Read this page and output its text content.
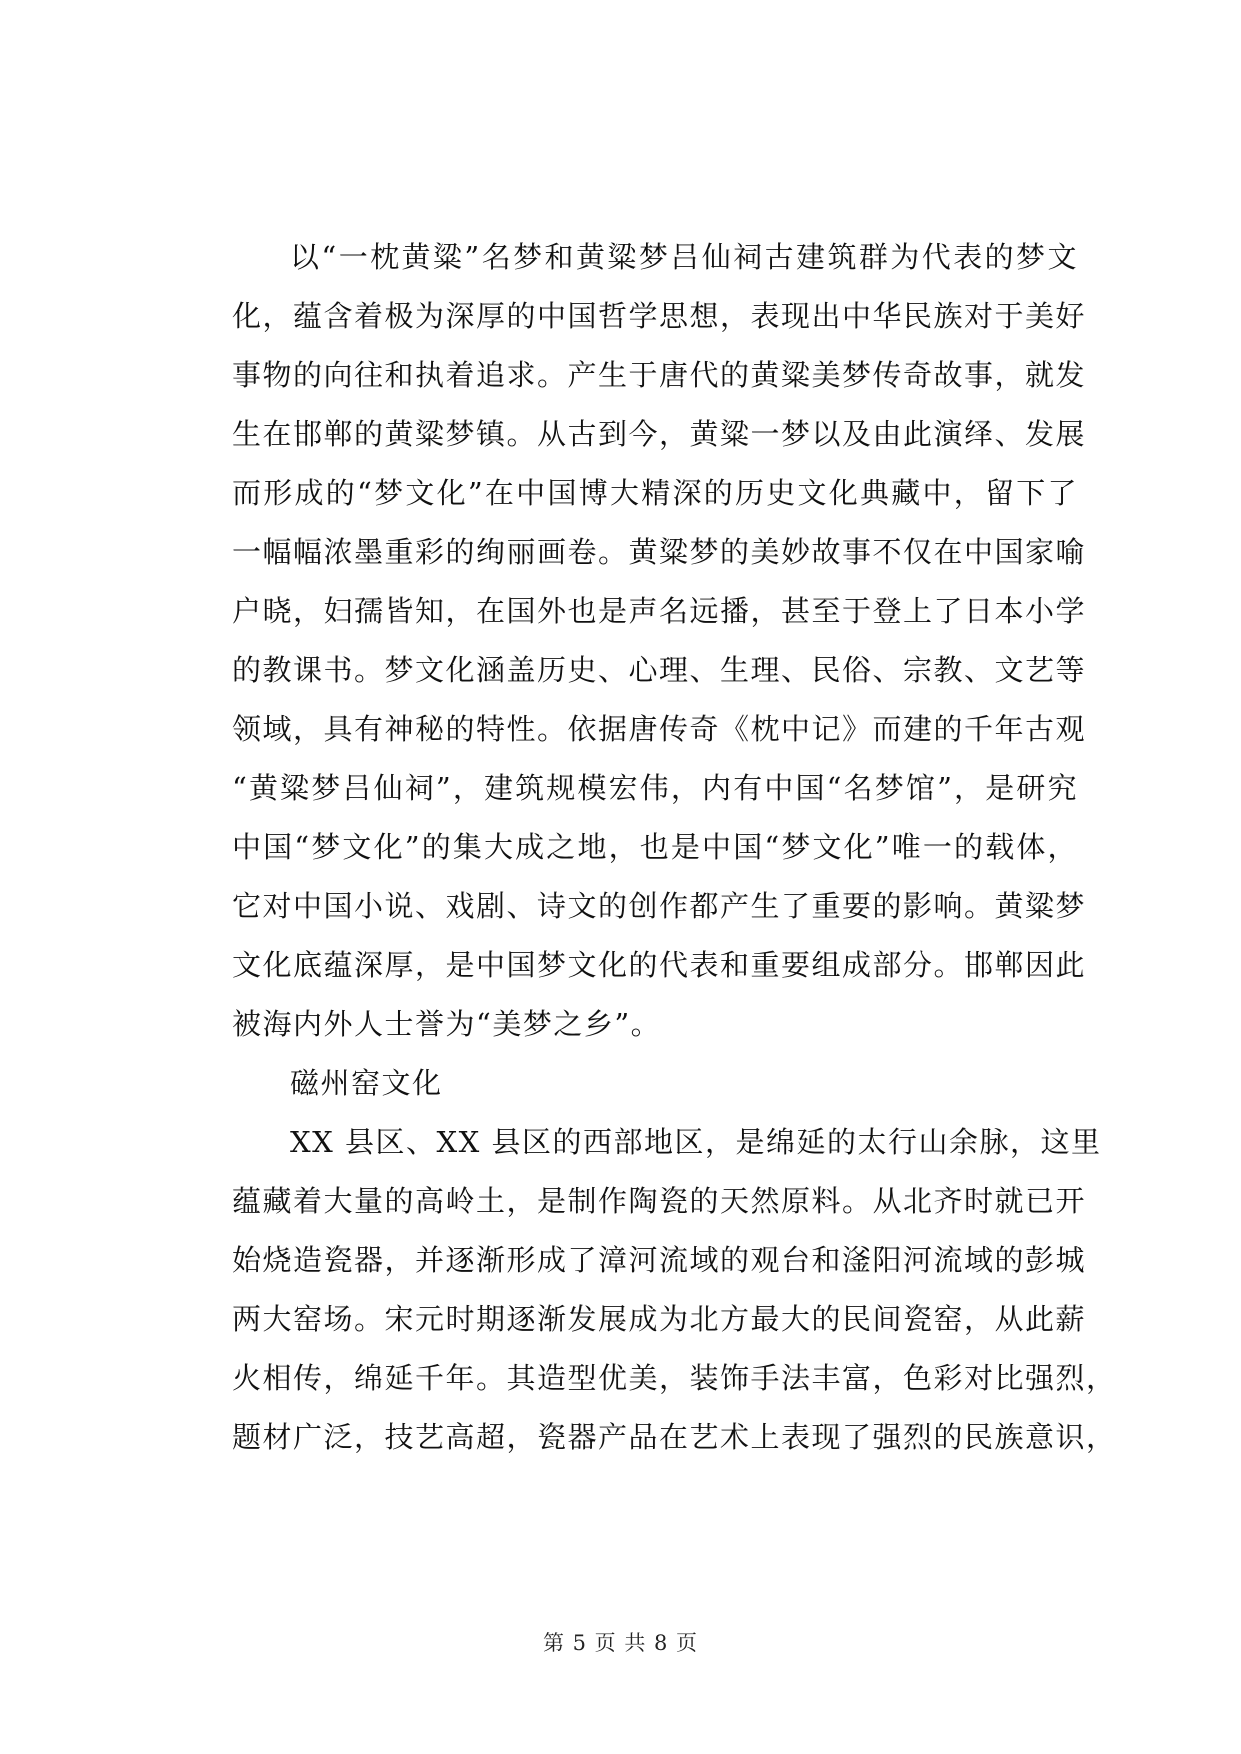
以“一枕黄粱”名梦和黄粱梦吕仙祠古建筑群为代表的梦文
化，蕴含着极为深厚的中国哲学思想，表现出中华民族对于美好
事物的向往和执着追求。产生于唐代的黄粱美梦传奇故事，就发
生在邯郸的黄粱梦镇。从古到今，黄粱一梦以及由此演绎、发展
而形成的“梦文化”在中国博大精深的历史文化典藏中，留下了
一幅幅浓墨重彩的绚丽画卷。黄粱梦的美妙故事不仅在中国家喻
户晓，妇孺皆知，在国外也是声名远播，甚至于登上了日本小学
的教课书。梦文化涵盖历史、心理、生理、民俗、宗教、文艺等
领域，具有神秘的特性。依据唐传奇《枕中记》而建的千年古观
“黄粱梦吕仙祠”，建筑规模宏伟，内有中国“名梦馆”，是研究
中国“梦文化”的集大成之地，也是中国“梦文化”唯一的载体，
它对中国小说、戏剧、诗文的创作都产生了重要的影响。黄粱梦
文化底蕴深厚，是中国梦文化的代表和重要组成部分。邯郸因此
被海内外人士誉为“美梦之乡”。
磁州窑文化
XX 县区、XX 县区的西部地区，是绵延的太行山余脉，这里
蕴藏着大量的高岭土，是制作陶瓷的天然原料。从北齐时就已开
始烧造瓷器，并逐渐形成了漳河流域的观台和滏阳河流域的彭城
两大窑场。宋元时期逐渐发展成为北方最大的民间瓷窑，从此薪
火相传，绵延千年。其造型优美，装饰手法丰富，色彩对比强烈，
题材广泛，技艺高超，瓷器产品在艺术上表现了强烈的民族意识，
第 5 页 共 8 页
